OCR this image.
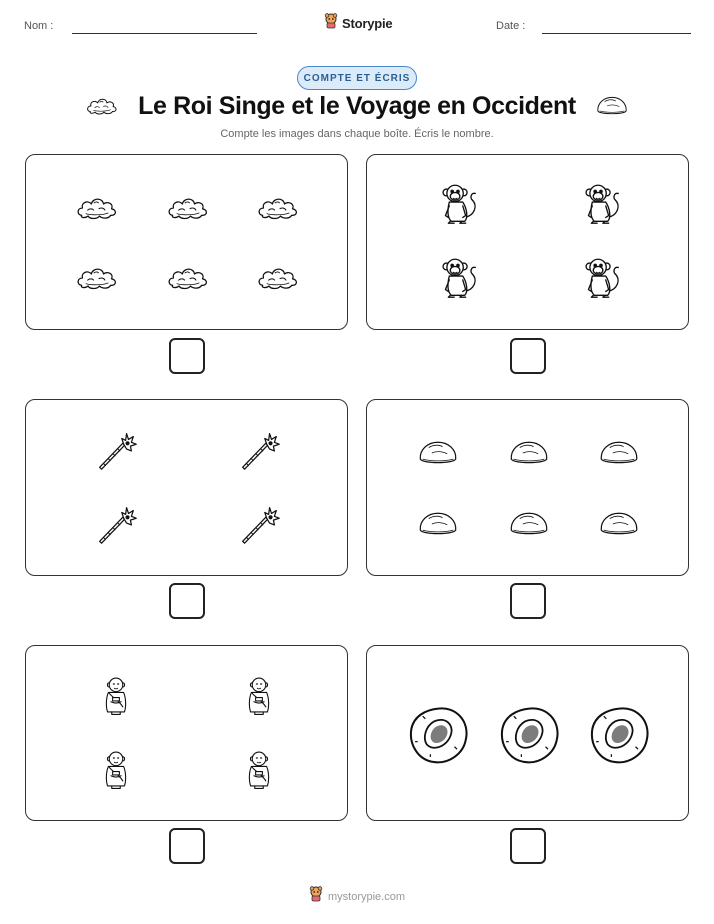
Nom :	Storypie	Date :
COMPTE ET ÉCRIS
Le Roi Singe et le Voyage en Occident
Compte les images dans chaque boîte. Écris le nombre.
mystorypie.com
